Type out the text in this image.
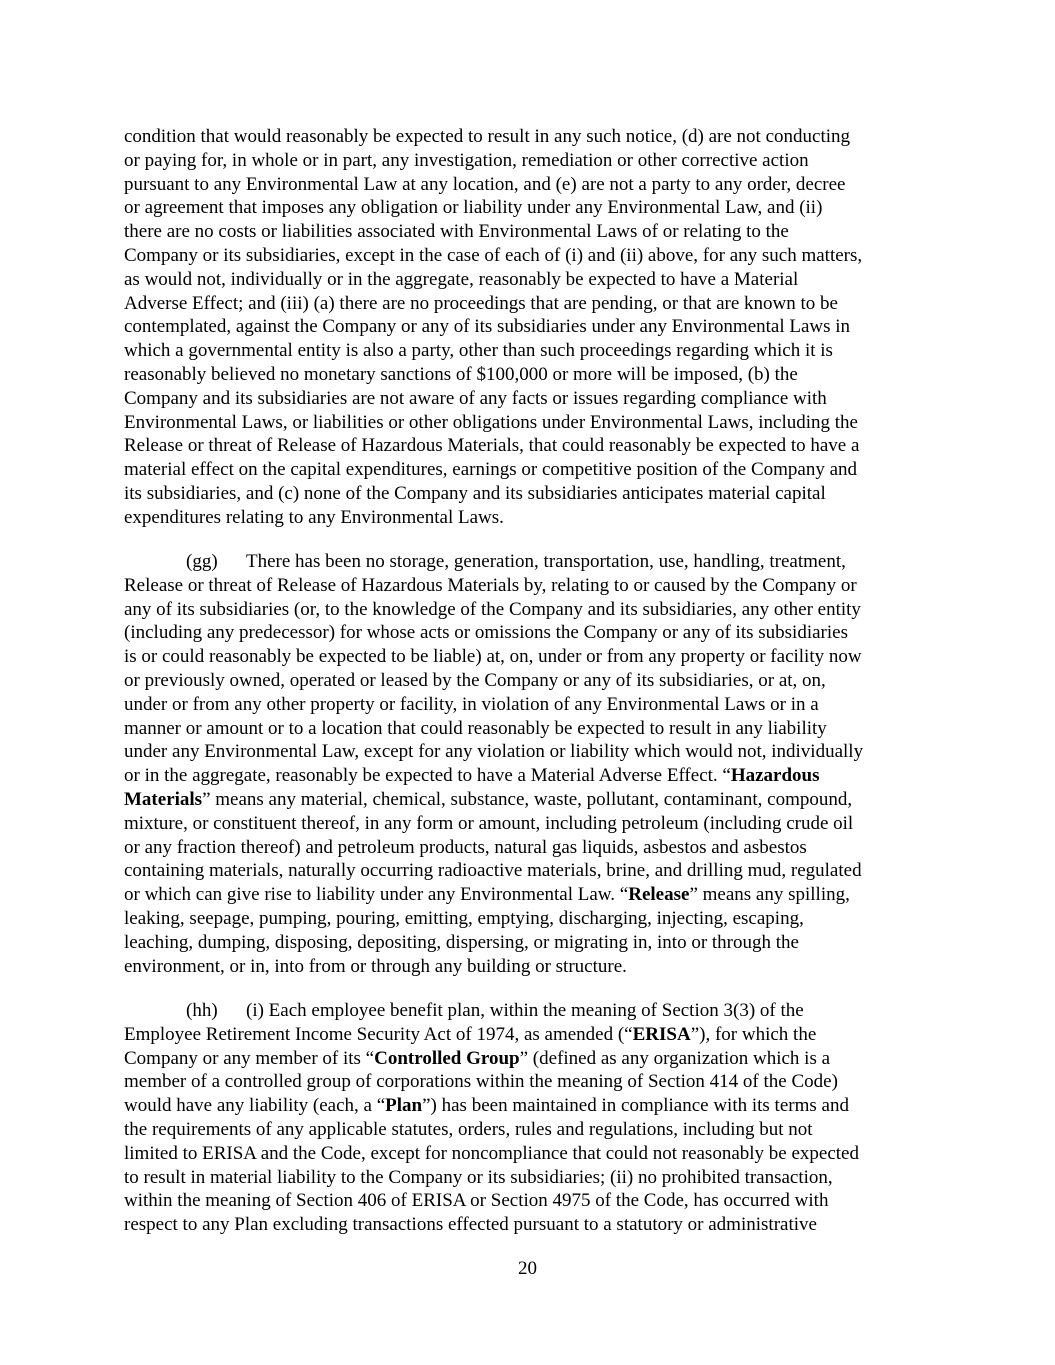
condition that would reasonably be expected to result in any such notice, (d) are not conducting
or paying for, in whole or in part, any investigation, remediation or other corrective action
pursuant to any Environmental Law at any location, and (e) are not a party to any order, decree
or agreement that imposes any obligation or liability under any Environmental Law, and (ii)
there are no costs or liabilities associated with Environmental Laws of or relating to the
Company or its subsidiaries, except in the case of each of (i) and (ii) above, for any such matters,
as would not, individually or in the aggregate, reasonably be expected to have a Material
Adverse Effect; and (iii) (a) there are no proceedings that are pending, or that are known to be
contemplated, against the Company or any of its subsidiaries under any Environmental Laws in
which a governmental entity is also a party, other than such proceedings regarding which it is
reasonably believed no monetary sanctions of $100,000 or more will be imposed, (b) the
Company and its subsidiaries are not aware of any facts or issues regarding compliance with
Environmental Laws, or liabilities or other obligations under Environmental Laws, including the
Release or threat of Release of Hazardous Materials, that could reasonably be expected to have a
material effect on the capital expenditures, earnings or competitive position of the Company and
its subsidiaries, and (c) none of the Company and its subsidiaries anticipates material capital
expenditures relating to any Environmental Laws.
(gg) There has been no storage, generation, transportation, use, handling, treatment,
Release or threat of Release of Hazardous Materials by, relating to or caused by the Company or
any of its subsidiaries (or, to the knowledge of the Company and its subsidiaries, any other entity
(including any predecessor) for whose acts or omissions the Company or any of its subsidiaries
is or could reasonably be expected to be liable) at, on, under or from any property or facility now
or previously owned, operated or leased by the Company or any of its subsidiaries, or at, on,
under or from any other property or facility, in violation of any Environmental Laws or in a
manner or amount or to a location that could reasonably be expected to result in any liability
under any Environmental Law, except for any violation or liability which would not, individually
or in the aggregate, reasonably be expected to have a Material Adverse Effect. “Hazardous
Materials” means any material, chemical, substance, waste, pollutant, contaminant, compound,
mixture, or constituent thereof, in any form or amount, including petroleum (including crude oil
or any fraction thereof) and petroleum products, natural gas liquids, asbestos and asbestos
containing materials, naturally occurring radioactive materials, brine, and drilling mud, regulated
or which can give rise to liability under any Environmental Law. “Release” means any spilling,
leaking, seepage, pumping, pouring, emitting, emptying, discharging, injecting, escaping,
leaching, dumping, disposing, depositing, dispersing, or migrating in, into or through the
environment, or in, into from or through any building or structure.
(hh) (i) Each employee benefit plan, within the meaning of Section 3(3) of the
Employee Retirement Income Security Act of 1974, as amended (“ERISA”), for which the
Company or any member of its “Controlled Group” (defined as any organization which is a
member of a controlled group of corporations within the meaning of Section 414 of the Code)
would have any liability (each, a “Plan”) has been maintained in compliance with its terms and
the requirements of any applicable statutes, orders, rules and regulations, including but not
limited to ERISA and the Code, except for noncompliance that could not reasonably be expected
to result in material liability to the Company or its subsidiaries; (ii) no prohibited transaction,
within the meaning of Section 406 of ERISA or Section 4975 of the Code, has occurred with
respect to any Plan excluding transactions effected pursuant to a statutory or administrative
20
